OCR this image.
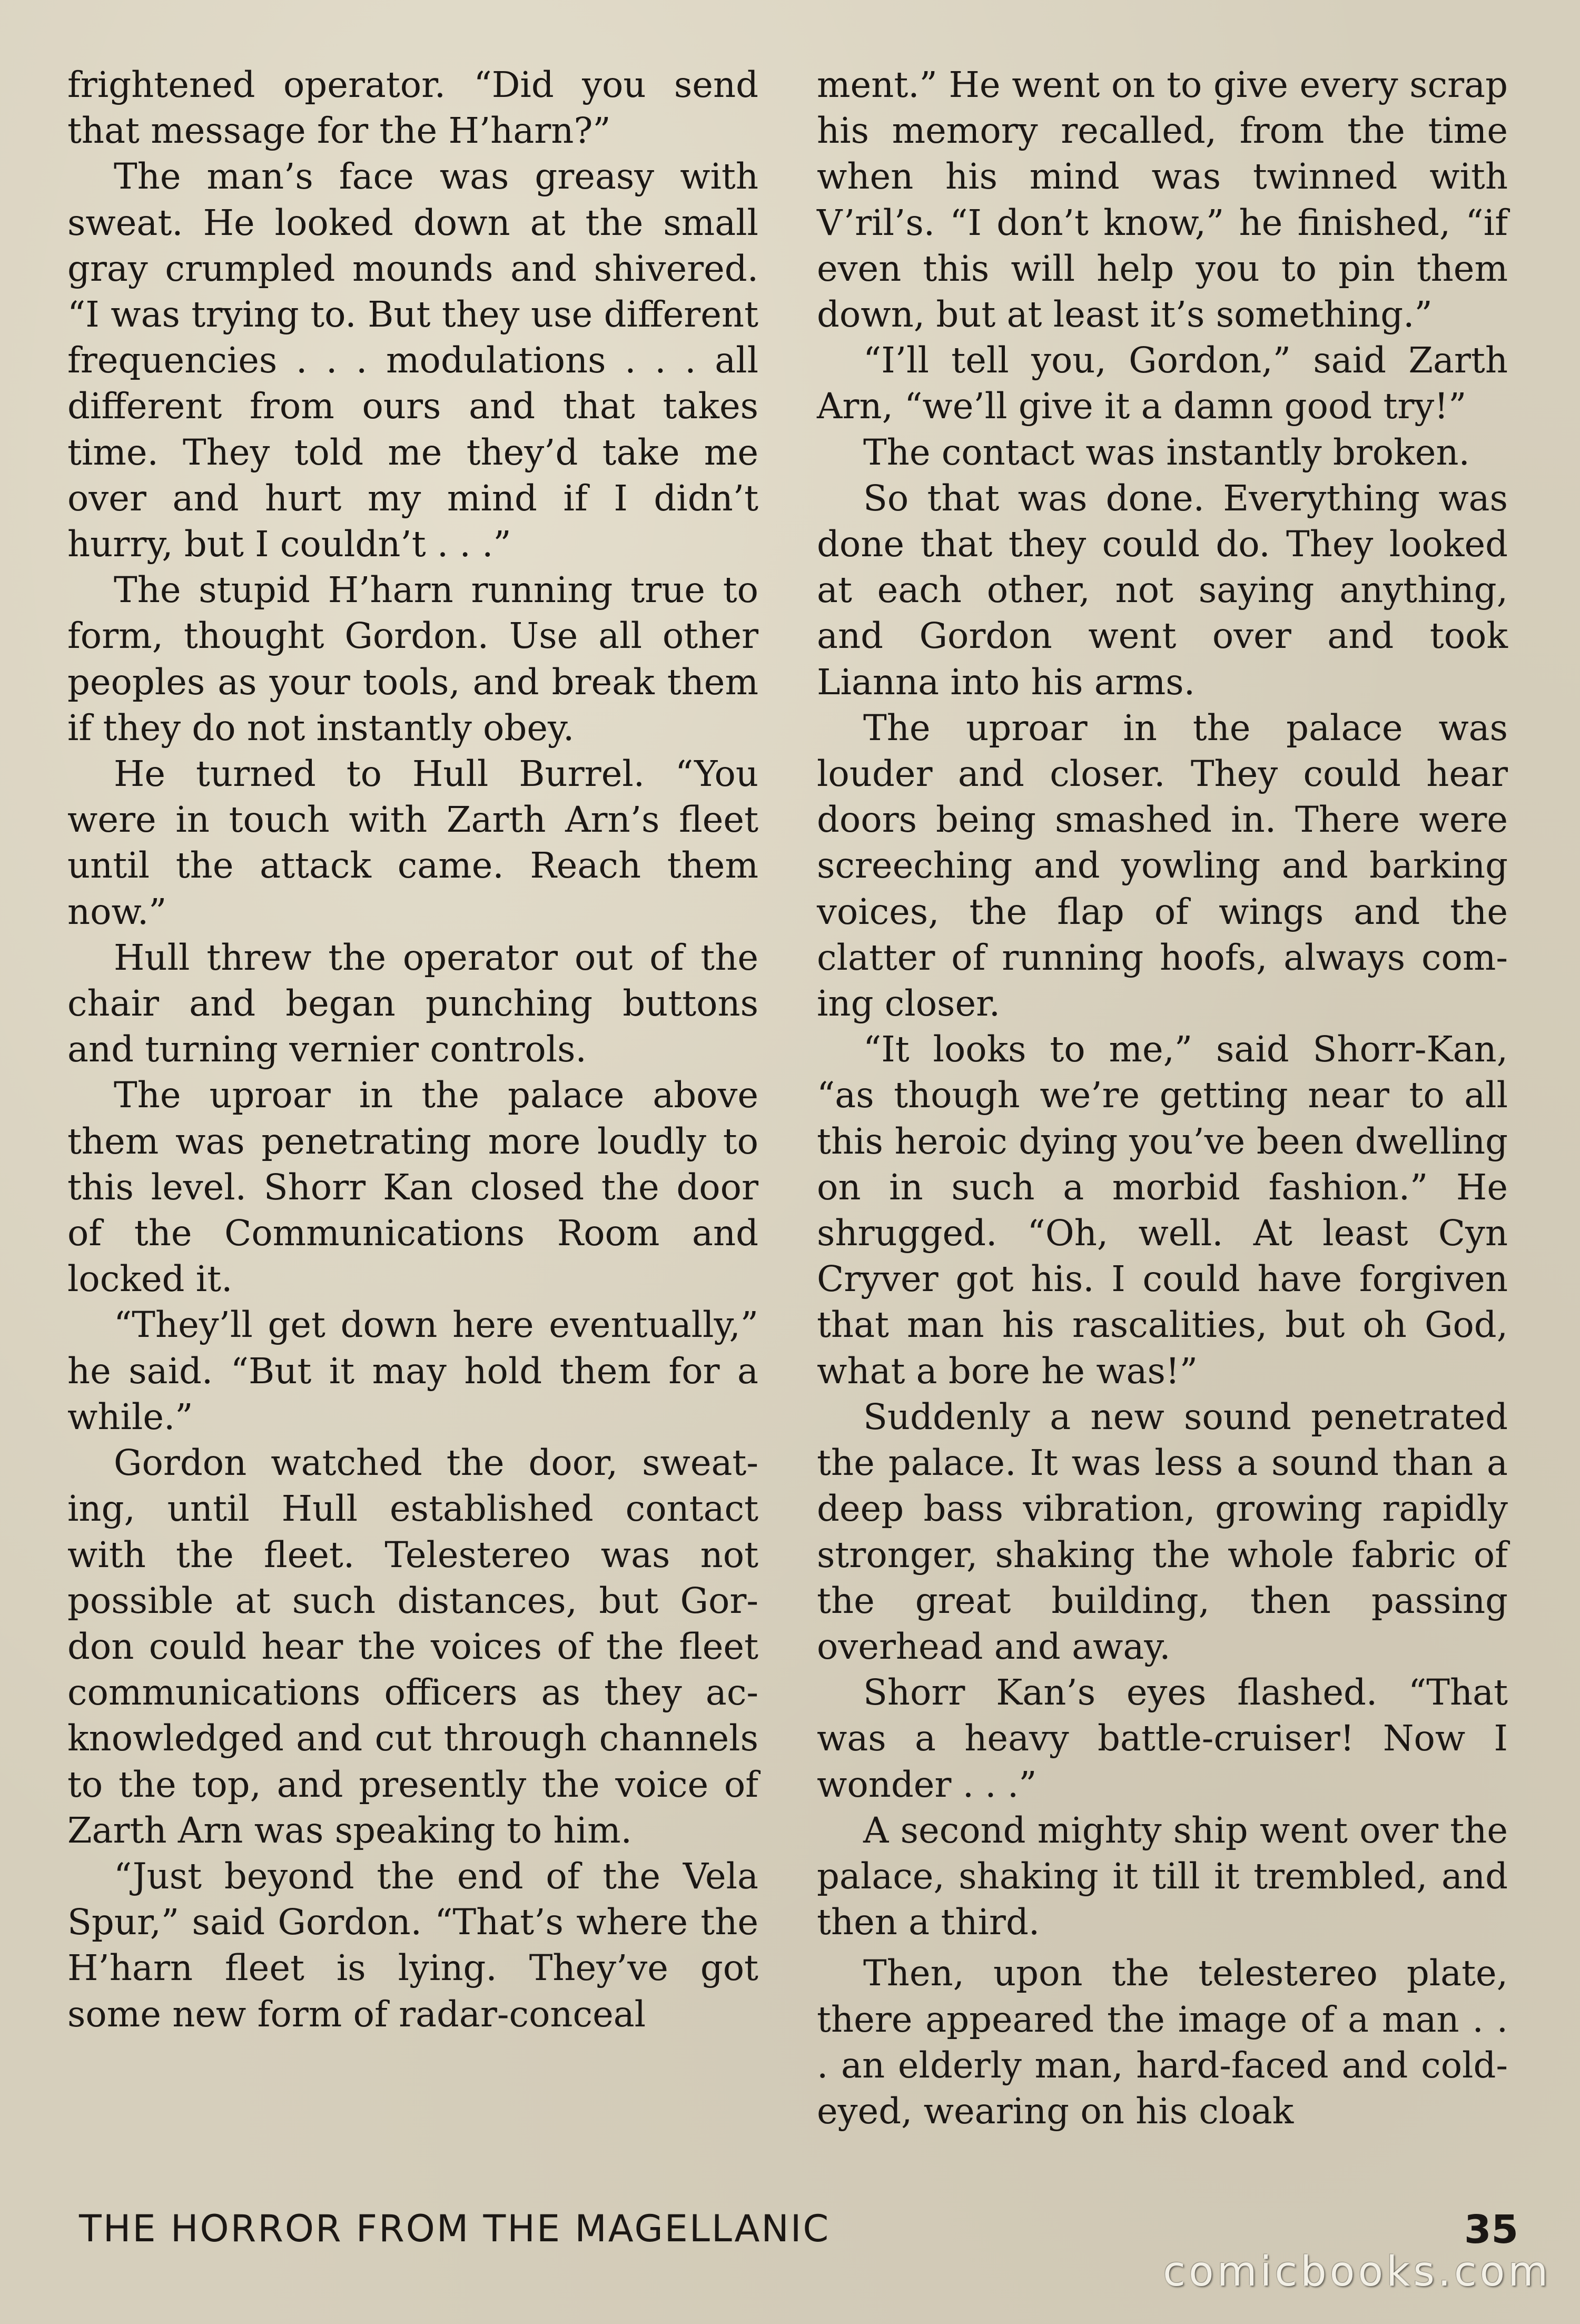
frightened operator. “Did you send that message for the H’harn?”

The man’s face was greasy with sweat. He looked down at the small gray crumpled mounds and shivered. “I was trying to. But they use different frequencies . . . modulations . . . all different from ours and that takes time. They told me they’d take me over and hurt my mind if I didn’t hurry, but I couldn’t . . .”

The stupid H’harn running true to form, thought Gordon. Use all other peoples as your tools, and break them if they do not instantly obey.

He turned to Hull Burrel. “You were in touch with Zarth Arn’s fleet until the attack came. Reach them now.”

Hull threw the operator out of the chair and began punching buttons and turning vernier controls.

The uproar in the palace above them was penetrating more loudly to this level. Shorr Kan closed the door of the Communications Room and locked it.

“They’ll get down here eventually,” he said. “But it may hold them for a while.”

Gordon watched the door, sweating, until Hull established contact with the fleet. Telestereo was not possible at such distances, but Gordon could hear the voices of the fleet communications officers as they acknowledged and cut through channels to the top, and presently the voice of Zarth Arn was speaking to him.

“Just beyond the end of the Vela Spur,” said Gordon. “That’s where the H’harn fleet is lying. They’ve got some new form of radar-conceal

ment.” He went on to give every scrap his memory recalled, from the time when his mind was twinned with V’ril’s. “I don’t know,” he finished, “if even this will help you to pin them down, but at least it’s something.”

“I’ll tell you, Gordon,” said Zarth Arn, “we’ll give it a damn good try!”

The contact was instantly broken.

So that was done. Everything was done that they could do. They looked at each other, not saying anything, and Gordon went over and took Lianna into his arms.

The uproar in the palace was louder and closer. They could hear doors being smashed in. There were screeching and yowling and barking voices, the flap of wings and the clatter of running hoofs, always coming closer.

“It looks to me,” said Shorr-Kan, “as though we’re getting near to all this heroic dying you’ve been dwelling on in such a morbid fashion.” He shrugged. “Oh, well. At least Cyn Cryver got his. I could have forgiven that man his rascalities, but oh God, what a bore he was!”

Suddenly a new sound penetrated the palace. It was less a sound than a deep bass vibration, growing rapidly stronger, shaking the whole fabric of the great building, then passing overhead and away.

Shorr Kan’s eyes flashed. “That was a heavy battle-cruiser! Now I wonder . . .”

A second mighty ship went over the palace, shaking it till it trembled, and then a third.

Then, upon the telestereo plate, there appeared the image of a man . . . an elderly man, hard-faced and cold-eyed, wearing on his cloak

THE HORROR FROM THE MAGELLANIC	35
comicbooks.com
